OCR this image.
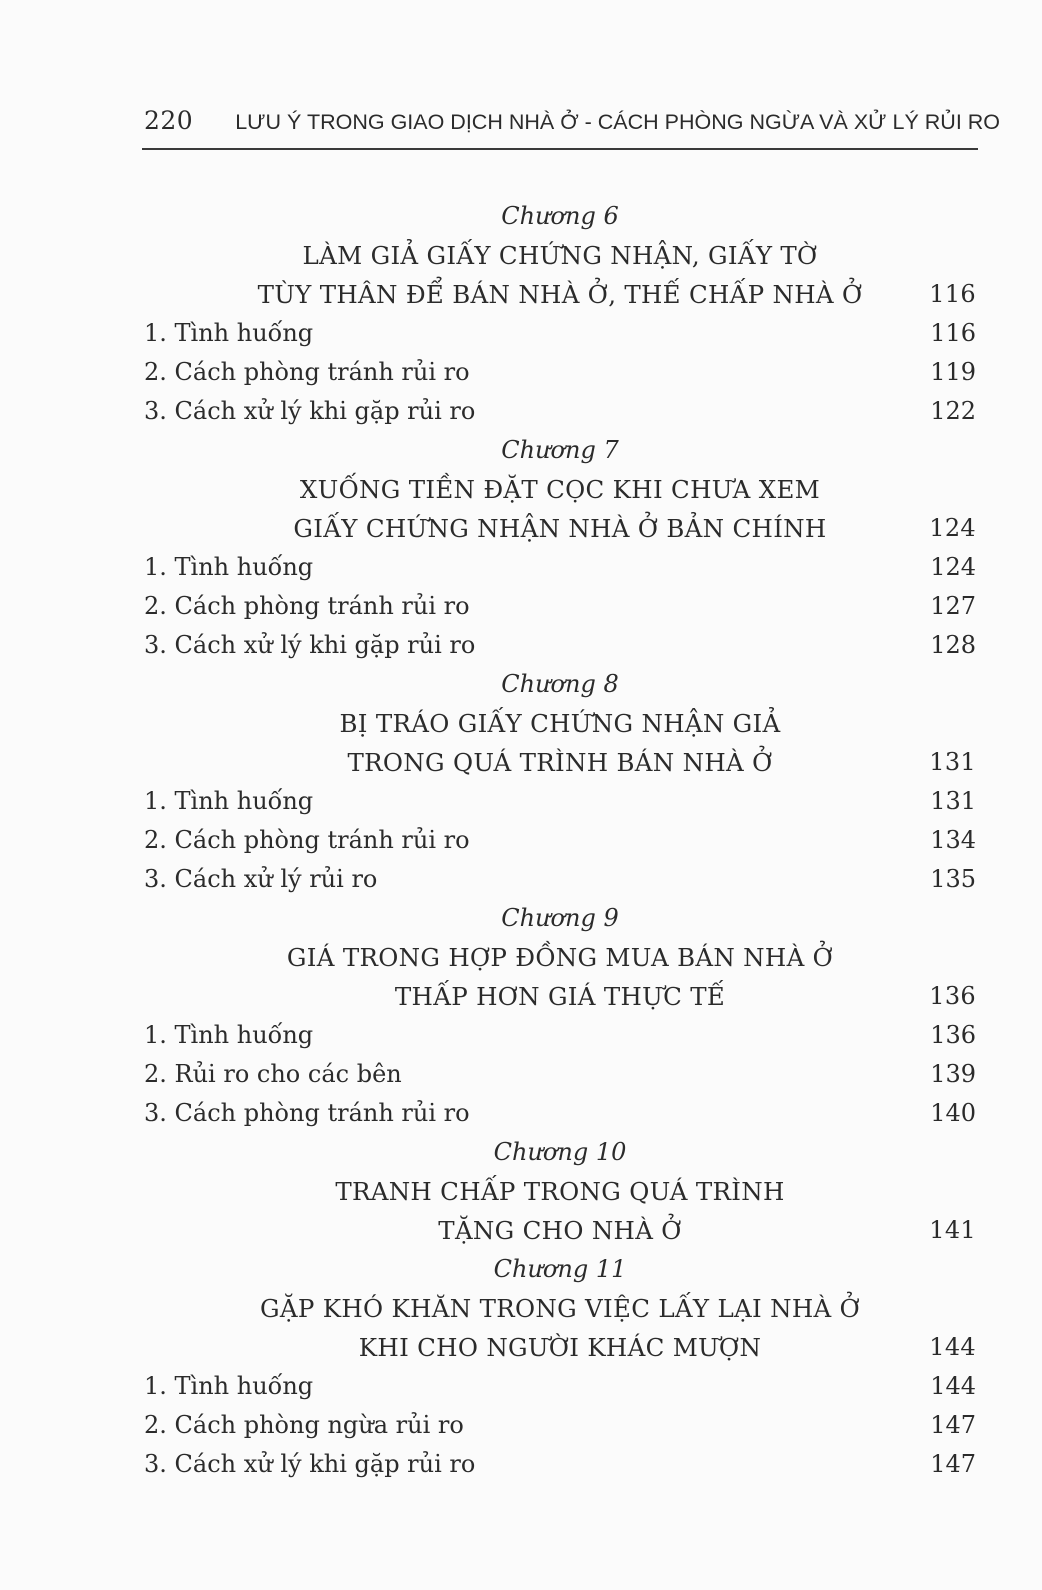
220 LƯU Ý TRONG GIAO DỊCH NHÀ Ở - CÁCH PHÒNG NGỪA VÀ XỬ LÝ RỦI RO
Chương 6
LÀM GIẢ GIẤY CHỨNG NHẬN, GIẤY TỜ
TÙY THÂN ĐỂ BÁN NHÀ Ở, THẾ CHẤP NHÀ Ở	116
1. Tình huống	116
2. Cách phòng tránh rủi ro	119
3. Cách xử lý khi gặp rủi ro	122
Chương 7
XUỐNG TIỀN ĐẶT CỌC KHI CHƯA XEM
GIẤY CHỨNG NHẬN NHÀ Ở BẢN CHÍNH	124
1. Tình huống	124
2. Cách phòng tránh rủi ro	127
3. Cách xử lý khi gặp rủi ro	128
Chương 8
BỊ TRÁO GIẤY CHỨNG NHẬN GIẢ
TRONG QUÁ TRÌNH BÁN NHÀ Ở	131
1. Tình huống	131
2. Cách phòng tránh rủi ro	134
3. Cách xử lý rủi ro	135
Chương 9
GIÁ TRONG HỢP ĐỒNG MUA BÁN NHÀ Ở
THẤP HƠN GIÁ THỰC TẾ	136
1. Tình huống	136
2. Rủi ro cho các bên	139
3. Cách phòng tránh rủi ro	140
Chương 10
TRANH CHẤP TRONG QUÁ TRÌNH
TẶNG CHO NHÀ Ở	141
Chương 11
GẶP KHÓ KHĂN TRONG VIỆC LẤY LẠI NHÀ Ở
KHI CHO NGƯỜI KHÁC MƯỢN	144
1. Tình huống	144
2. Cách phòng ngừa rủi ro	147
3. Cách xử lý khi gặp rủi ro	147
